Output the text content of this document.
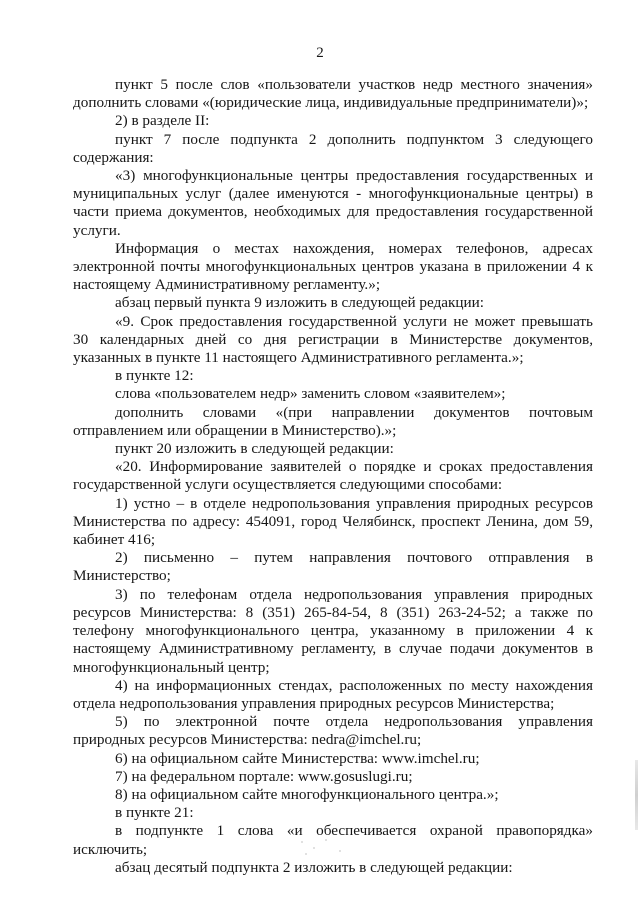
2

пункт 5 после слов «пользователи участков недр местного значения» дополнить словами «(юридические лица, индивидуальные предприниматели)»;

2) в разделе II:

пункт 7 после подпункта 2 дополнить подпунктом 3 следующего содержания:

«3) многофункциональные центры предоставления государственных и муниципальных услуг (далее именуются - многофункциональные центры) в части приема документов, необходимых для предоставления государственной услуги.

Информация о местах нахождения, номерах телефонов, адресах электронной почты многофункциональных центров указана в приложении 4 к настоящему Административному регламенту.»;

абзац первый пункта 9 изложить в следующей редакции:

«9. Срок предоставления государственной услуги не может превышать 30 календарных дней со дня регистрации в Министерстве документов, указанных в пункте 11 настоящего Административного регламента.»;

в пункте 12:

слова «пользователем недр» заменить словом «заявителем»;

дополнить словами «(при направлении документов почтовым отправлением или обращении в Министерство).»;

пункт 20 изложить в следующей редакции:

«20. Информирование заявителей о порядке и сроках предоставления государственной услуги осуществляется следующими способами:

1) устно – в отделе недропользования управления природных ресурсов Министерства по адресу: 454091, город Челябинск, проспект Ленина, дом 59, кабинет 416;

2) письменно – путем направления почтового отправления в Министерство;

3) по телефонам отдела недропользования управления природных ресурсов Министерства: 8 (351) 265-84-54, 8 (351) 263-24-52; а также по телефону многофункционального центра, указанному в приложении 4 к настоящему Административному регламенту, в случае подачи документов в многофункциональный центр;

4) на информационных стендах, расположенных по месту нахождения отдела недропользования управления природных ресурсов Министерства;

5) по электронной почте отдела недропользования управления природных ресурсов Министерства: nedra@imchel.ru;

6) на официальном сайте Министерства: www.imchel.ru;

7) на федеральном портале: www.gosuslugi.ru;

8) на официальном сайте многофункционального центра.»;

в пункте 21:

в подпункте 1 слова «и обеспечивается охраной правопорядка» исключить;

абзац десятый подпункта 2 изложить в следующей редакции:
